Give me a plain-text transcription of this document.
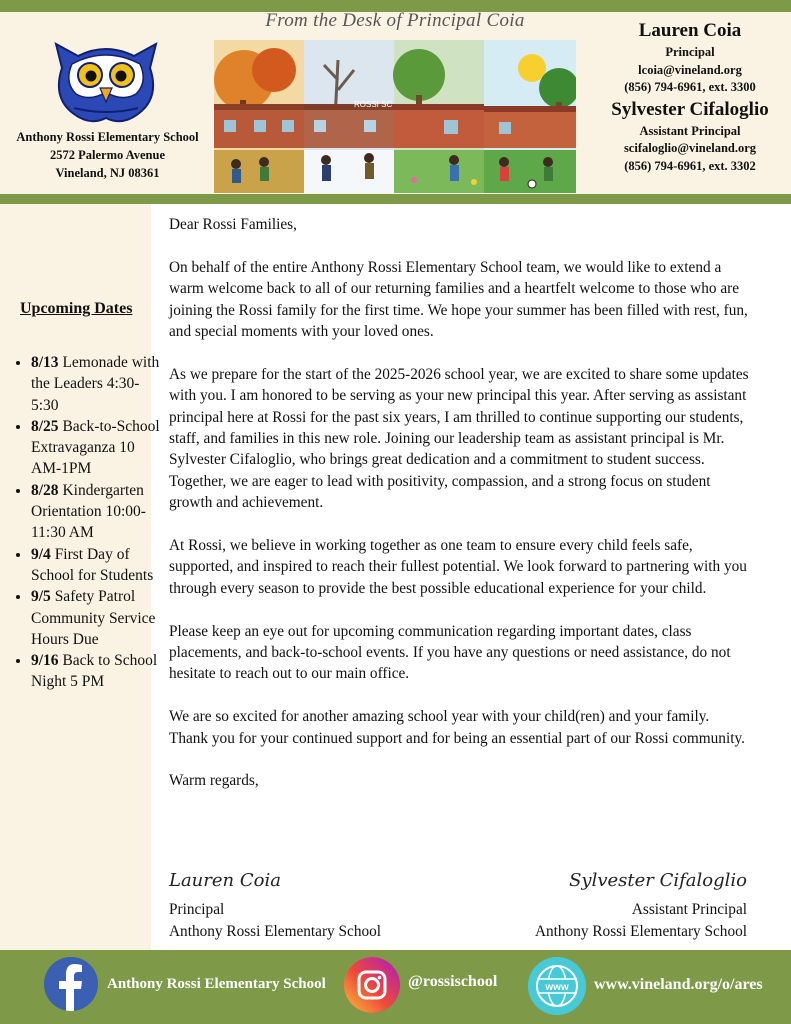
Anthony Rossi Elementary School
2572 Palermo Avenue
Vineland, NJ 08361
From the Desk of Principal Coia
ROSSI SC
Lauren Coia
Principal
lcoia@vineland.org
(856) 794-6961, ext. 3300
Sylvester Cifaloglio
Assistant Principal
scifaloglio@vineland.org
(856) 794-6961, ext. 3302
Upcoming Dates
• 8/13 Lemonade with the Leaders 4:30-5:30
• 8/25 Back-to-School Extravaganza 10 AM-1PM
• 8/28 Kindergarten Orientation 10:00-11:30 AM
• 9/4 First Day of School for Students
• 9/5 Safety Patrol Community Service Hours Due
• 9/16 Back to School Night 5 PM

Dear Rossi Families,

On behalf of the entire Anthony Rossi Elementary School team, we would like to extend a warm welcome back to all of our returning families and a heartfelt welcome to those who are joining the Rossi family for the first time. We hope your summer has been filled with rest, fun, and special moments with your loved ones.

As we prepare for the start of the 2025-2026 school year, we are excited to share some updates with you. I am honored to be serving as your new principal this year. After serving as assistant principal here at Rossi for the past six years, I am thrilled to continue supporting our students, staff, and families in this new role. Joining our leadership team as assistant principal is Mr. Sylvester Cifaloglio, who brings great dedication and a commitment to student success. Together, we are eager to lead with positivity, compassion, and a strong focus on student growth and achievement.

At Rossi, we believe in working together as one team to ensure every child feels safe, supported, and inspired to reach their fullest potential. We look forward to partnering with you through every season to provide the best possible educational experience for your child.

Please keep an eye out for upcoming communication regarding important dates, class placements, and back-to-school events. If you have any questions or need assistance, do not hesitate to reach out to our main office.

We are so excited for another amazing school year with your child(ren) and your family. Thank you for your continued support and for being an essential part of our Rossi community.

Warm regards,

Lauren Coia
Principal
Anthony Rossi Elementary School
Sylvester Cifaloglio
Assistant Principal
Anthony Rossi Elementary School
Anthony Rossi Elementary School	@rossischool	www www.vineland.org/o/ares
